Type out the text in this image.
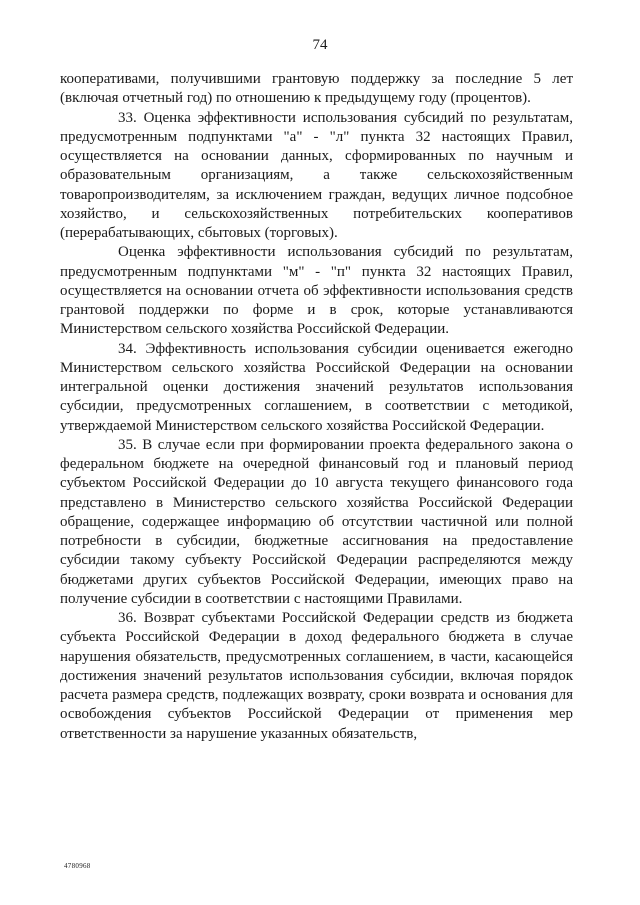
74

кооперативами, получившими грантовую поддержку за последние 5 лет (включая отчетный год) по отношению к предыдущему году (процентов).

33. Оценка эффективности использования субсидий по результатам, предусмотренным подпунктами "а" - "л" пункта 32 настоящих Правил, осуществляется на основании данных, сформированных по научным и образовательным организациям, а также сельскохозяйственным товаропроизводителям, за исключением граждан, ведущих личное подсобное хозяйство, и сельскохозяйственных потребительских кооперативов (перерабатывающих, сбытовых (торговых).

Оценка эффективности использования субсидий по результатам, предусмотренным подпунктами "м" - "п" пункта 32 настоящих Правил, осуществляется на основании отчета об эффективности использования средств грантовой поддержки по форме и в срок, которые устанавливаются Министерством сельского хозяйства Российской Федерации.

34. Эффективность использования субсидии оценивается ежегодно Министерством сельского хозяйства Российской Федерации на основании интегральной оценки достижения значений результатов использования субсидии, предусмотренных соглашением, в соответствии с методикой, утверждаемой Министерством сельского хозяйства Российской Федерации.

35. В случае если при формировании проекта федерального закона о федеральном бюджете на очередной финансовый год и плановый период субъектом Российской Федерации до 10 августа текущего финансового года представлено в Министерство сельского хозяйства Российской Федерации обращение, содержащее информацию об отсутствии частичной или полной потребности в субсидии, бюджетные ассигнования на предоставление субсидии такому субъекту Российской Федерации распределяются между бюджетами других субъектов Российской Федерации, имеющих право на получение субсидии в соответствии с настоящими Правилами.

36. Возврат субъектами Российской Федерации средств из бюджета субъекта Российской Федерации в доход федерального бюджета в случае нарушения обязательств, предусмотренных соглашением, в части, касающейся достижения значений результатов использования субсидии, включая порядок расчета размера средств, подлежащих возврату, сроки возврата и основания для освобождения субъектов Российской Федерации от применения мер ответственности за нарушение указанных обязательств,

4780968
